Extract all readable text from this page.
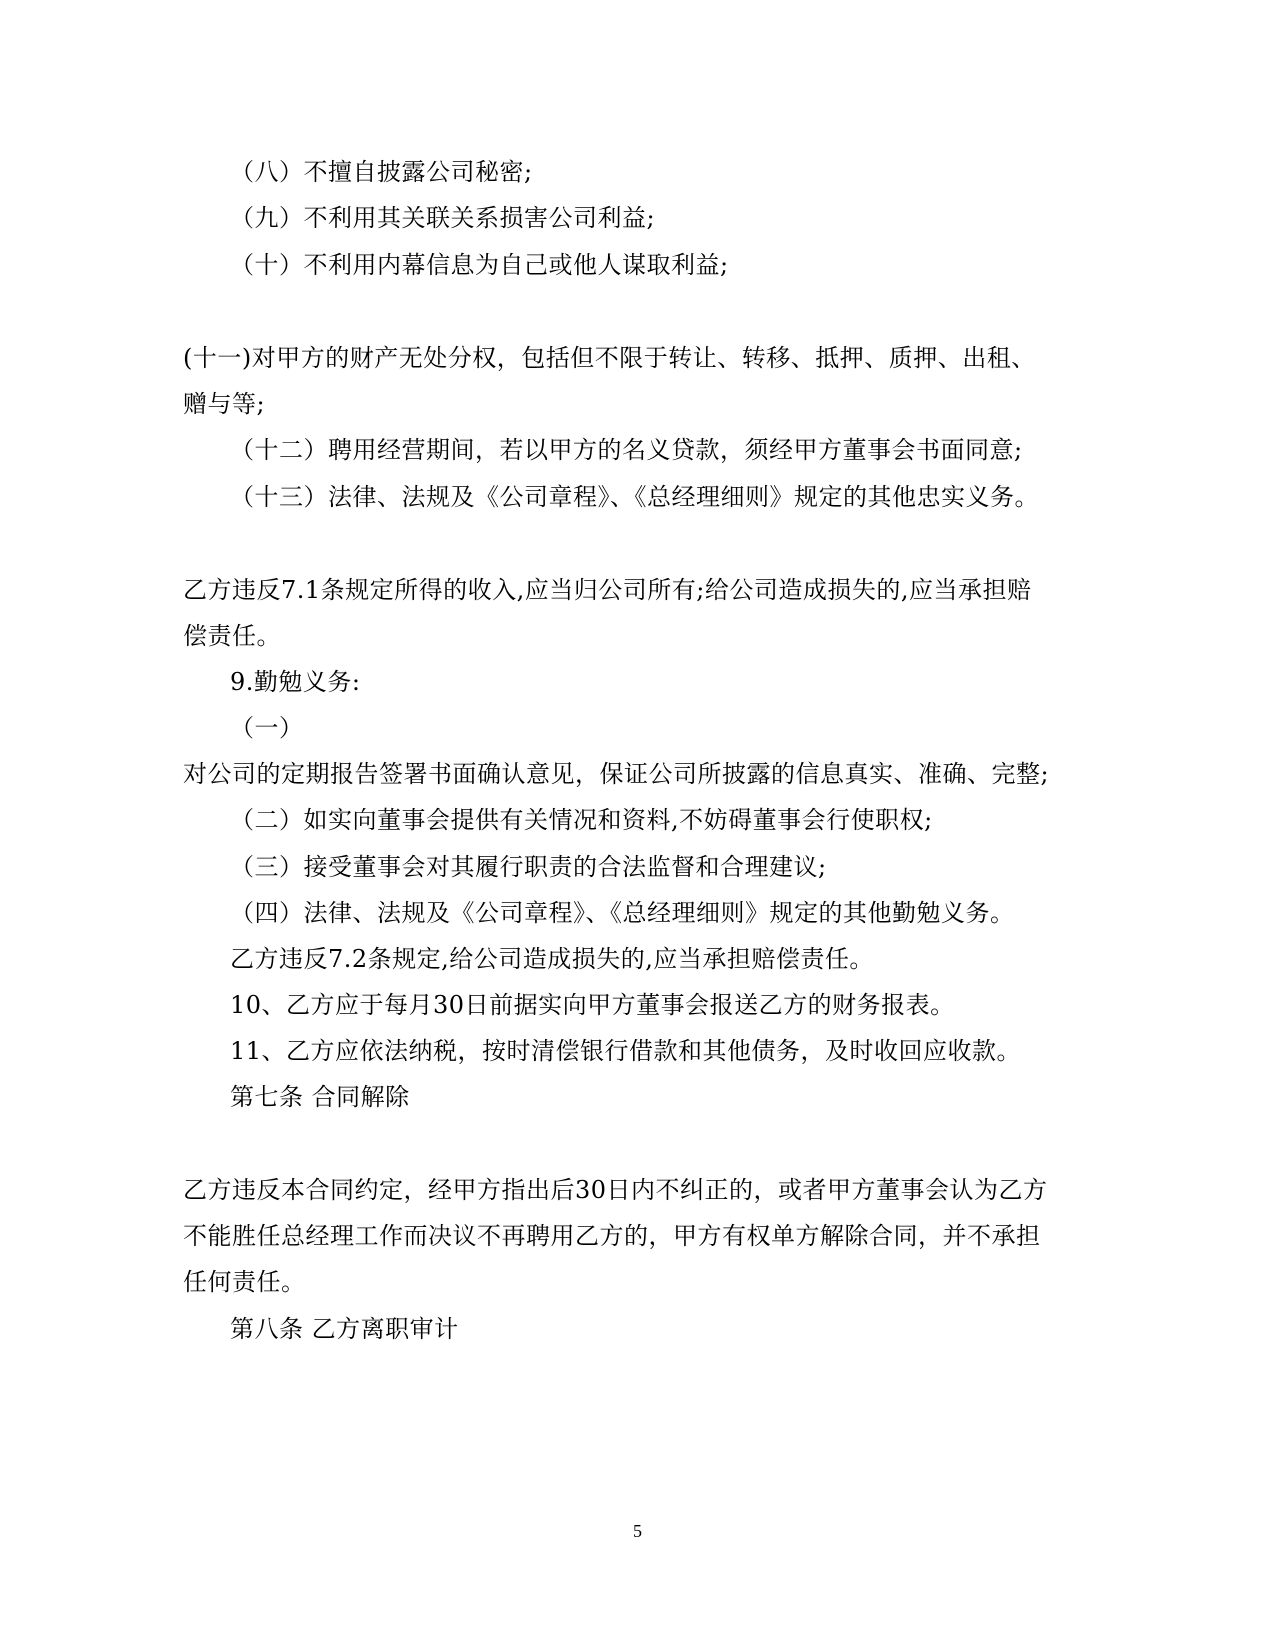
（八）不擅自披露公司秘密;
（九）不利用其关联关系损害公司利益;
（十）不利用内幕信息为自己或他人谋取利益;
(十一)对甲方的财产无处分权，包括但不限于转让、转移、抵押、质押、出租、
赠与等;
（十二）聘用经营期间，若以甲方的名义贷款，须经甲方董事会书面同意;
（十三）法律、法规及《公司章程》、《总经理细则》规定的其他忠实义务。
乙方违反7.1条规定所得的收入,应当归公司所有;给公司造成损失的,应当承担赔
偿责任。
9.勤勉义务:
（一）
对公司的定期报告签署书面确认意见，保证公司所披露的信息真实、准确、完整;
（二）如实向董事会提供有关情况和资料,不妨碍董事会行使职权;
（三）接受董事会对其履行职责的合法监督和合理建议;
（四）法律、法规及《公司章程》、《总经理细则》规定的其他勤勉义务。
乙方违反7.2条规定,给公司造成损失的,应当承担赔偿责任。
10、乙方应于每月30日前据实向甲方董事会报送乙方的财务报表。
11、乙方应依法纳税，按时清偿银行借款和其他债务，及时收回应收款。
第七条 合同解除
乙方违反本合同约定，经甲方指出后30日内不纠正的，或者甲方董事会认为乙方
不能胜任总经理工作而决议不再聘用乙方的，甲方有权单方解除合同，并不承担
任何责任。
第八条 乙方离职审计
5
